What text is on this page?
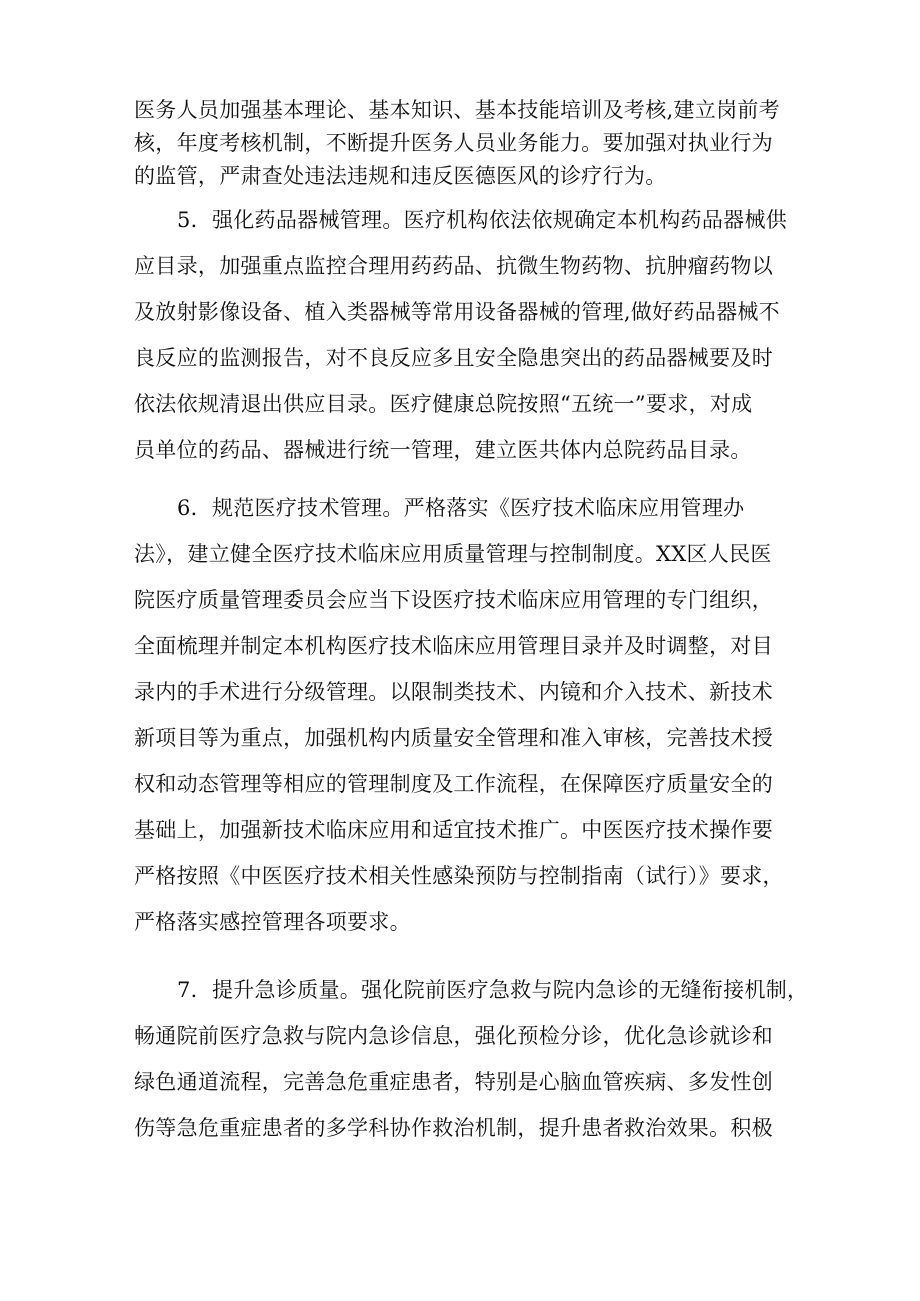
医务人员加强基本理论、基本知识、基本技能培训及考核,建立岗前考
核，年度考核机制，不断提升医务人员业务能力。要加强对执业行为
的监管，严肃查处违法违规和违反医德医风的诊疗行为。
5．强化药品器械管理。医疗机构依法依规确定本机构药品器械供
应目录，加强重点监控合理用药药品、抗微生物药物、抗肿瘤药物以
及放射影像设备、植入类器械等常用设备器械的管理,做好药品器械不
良反应的监测报告，对不良反应多且安全隐患突出的药品器械要及时
依法依规清退出供应目录。医疗健康总院按照“五统一”要求，对成
员单位的药品、器械进行统一管理，建立医共体内总院药品目录。
6．规范医疗技术管理。严格落实《医疗技术临床应用管理办
法》，建立健全医疗技术临床应用质量管理与控制制度。XX区人民医
院医疗质量管理委员会应当下设医疗技术临床应用管理的专门组织，
全面梳理并制定本机构医疗技术临床应用管理目录并及时调整，对目
录内的手术进行分级管理。以限制类技术、内镜和介入技术、新技术
新项目等为重点，加强机构内质量安全管理和准入审核，完善技术授
权和动态管理等相应的管理制度及工作流程，在保障医疗质量安全的
基础上，加强新技术临床应用和适宜技术推广。中医医疗技术操作要
严格按照《中医医疗技术相关性感染预防与控制指南（试行）》要求，
严格落实感控管理各项要求。
7．提升急诊质量。强化院前医疗急救与院内急诊的无缝衔接机制，
畅通院前医疗急救与院内急诊信息，强化预检分诊，优化急诊就诊和
绿色通道流程，完善急危重症患者，特别是心脑血管疾病、多发性创
伤等急危重症患者的多学科协作救治机制，提升患者救治效果。积极
